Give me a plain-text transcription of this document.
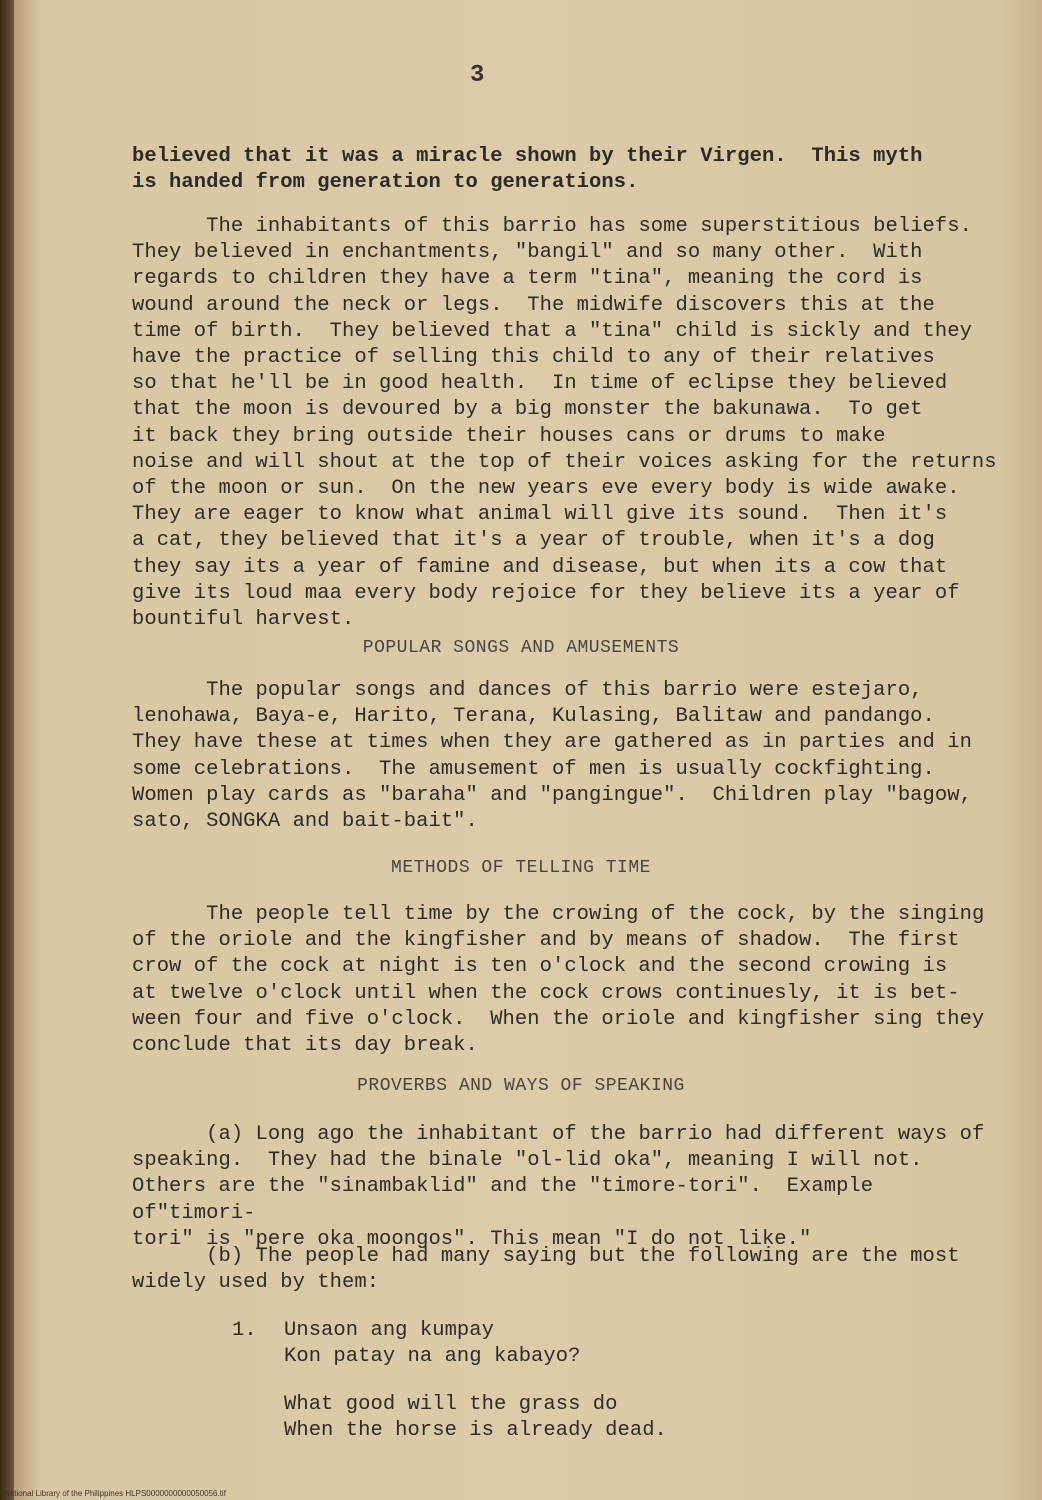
3

believed that it was a miracle shown by their Virgen.  This myth

is handed from generation to generations.

The inhabitants of this barrio has some superstitious beliefs.

They believed in enchantments, "bangil" and so many other.  With

regards to children they have a term "tina", meaning the cord is

wound around the neck or legs.  The midwife discovers this at the

time of birth.  They believed that a "tina" child is sickly and they

have the practice of selling this child to any of their relatives

so that he'll be in good health.  In time of eclipse they believed

that the moon is devoured by a big monster the bakunawa.  To get

it back they bring outside their houses cans or drums to make

noise and will shout at the top of their voices asking for the returns

of the moon or sun.  On the new years eve every body is wide awake.

They are eager to know what animal will give its sound.  Then it's

a cat, they believed that it's a year of trouble, when it's a dog

they say its a year of famine and disease, but when its a cow that

give its loud maa every body rejoice for they believe its a year of

bountiful harvest.

POPULAR SONGS AND AMUSEMENTS

The popular songs and dances of this barrio were estejaro,

lenohawa, Baya-e, Harito, Terana, Kulasing, Balitaw and pandango.

They have these at times when they are gathered as in parties and in

some celebrations.  The amusement of men is usually cockfighting.

Women play cards as "baraha" and "pangingue".  Children play "bagow,

sato, SONGKA and bait-bait".

METHODS OF TELLING TIME

The people tell time by the crowing of the cock, by the singing

of the oriole and the kingfisher and by means of shadow.  The first

crow of the cock at night is ten o'clock and the second crowing is

at twelve o'clock until when the cock crows continuesly, it is bet-

ween four and five o'clock.  When the oriole and kingfisher sing they

conclude that its day break.

PROVERBS AND WAYS OF SPEAKING

(a) Long ago the inhabitant of the barrio had different ways of

speaking.  They had the binale "ol-lid oka", meaning I will not.

Others are the "sinambaklid" and the "timore-tori".  Example of"timori-

tori" is "pere oka moongos". This mean "I do not like."

(b) The people had many saying but the following are the most

widely used by them:

1. Unsaon ang kumpay

Kon patay na ang kabayo?

What good will the grass do

When the horse is already dead.

National Library of the Philippines HLPS0000000000050056.tif
